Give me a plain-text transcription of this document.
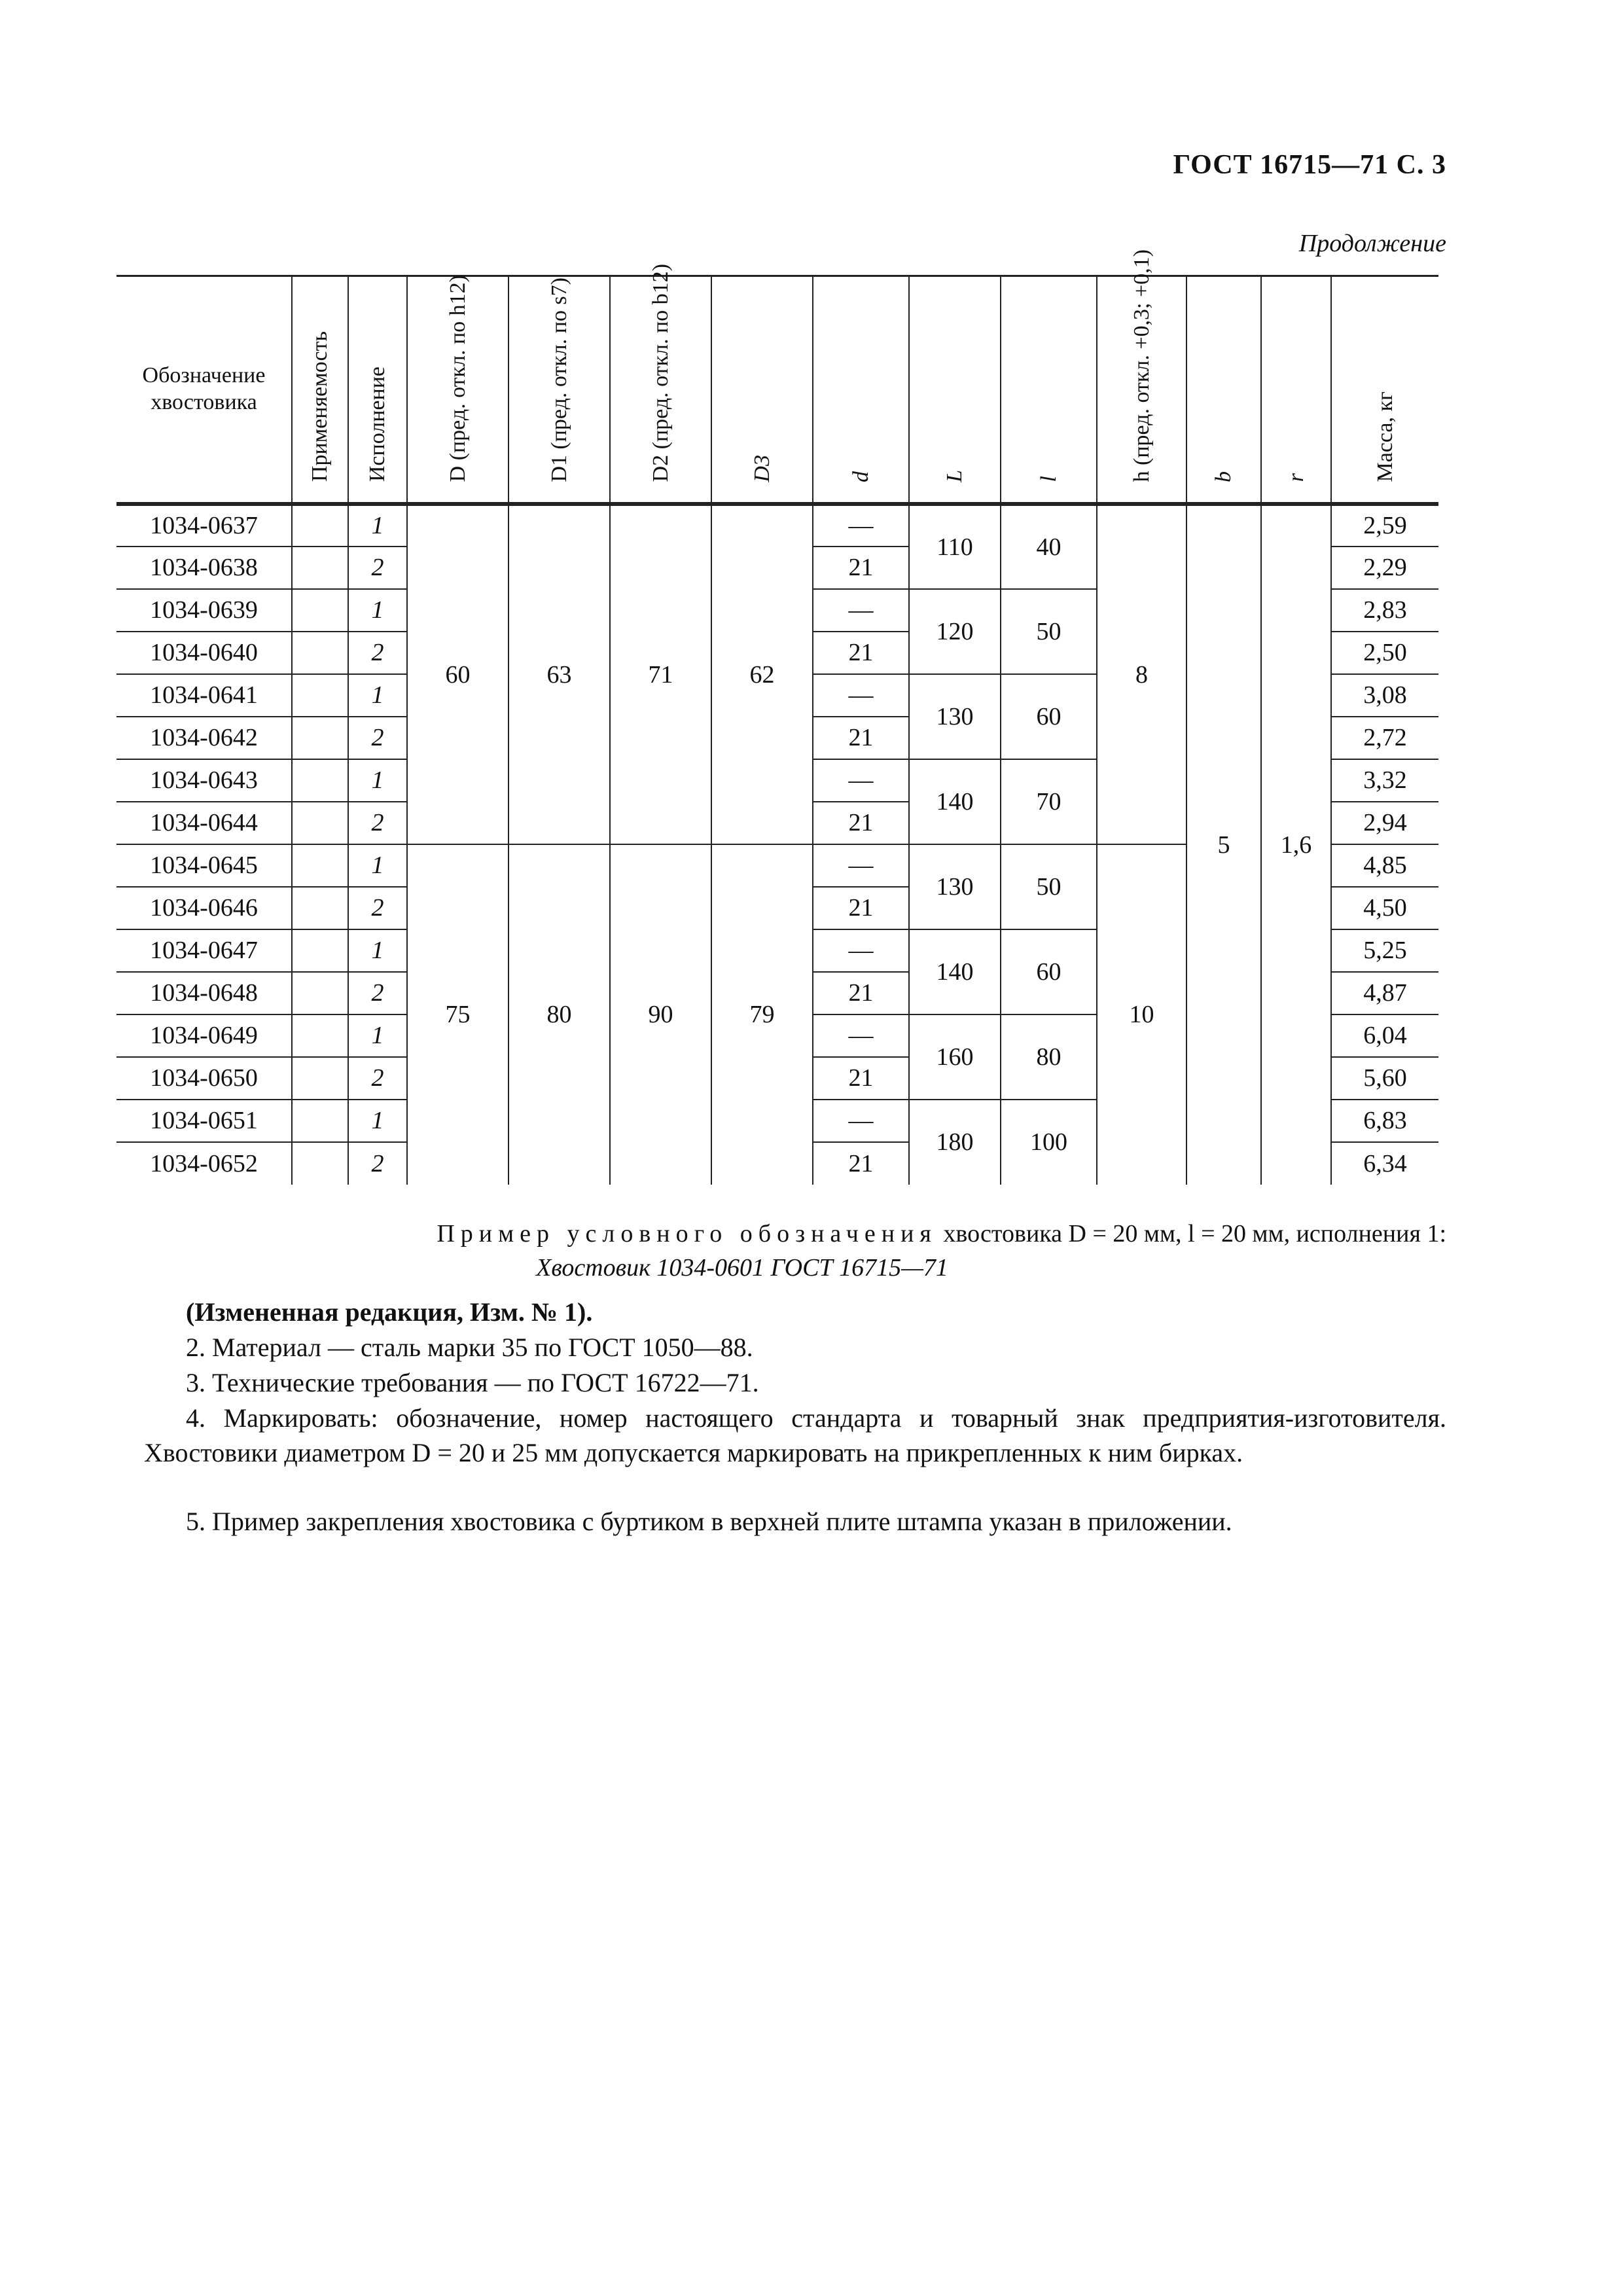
ГОСТ 16715—71 С. 3
Продолжение
Обозначение хвостовика	Применяемость	Исполнение	D (пред. откл. по h12)	D1 (пред. откл. по s7)	D2 (пред. откл. по b12)	D3	d	L	l	h (пред. откл. +0,3; +0,1)	b	r	Масса, кг

1034-0637		1	60	63	71	62	—	110	40	8	5	1,6	2,59
1034-0638		2					21						2,29
1034-0639		1					—	120	50				2,83
1034-0640		2					21						2,50
1034-0641		1					—	130	60				3,08
1034-0642		2					21						2,72
1034-0643		1					—	140	70				3,32
1034-0644		2					21						2,94
1034-0645		1	75	80	90	79	—	130	50	10			4,85
1034-0646		2					21						4,50
1034-0647		1					—	140	60				5,25
1034-0648		2					21						4,87
1034-0649		1					—	160	80				6,04
1034-0650		2					21						5,60
1034-0651		1					—	180	100				6,83
1034-0652		2					21						6,34
Пример условного обозначения хвостовика D = 20 мм, l = 20 мм, исполнения 1:
Хвостовик 1034-0601 ГОСТ 16715—71
(Измененная редакция, Изм. № 1).
2. Материал — сталь марки 35 по ГОСТ 1050—88.
3. Технические требования — по ГОСТ 16722—71.
4. Маркировать: обозначение, номер настоящего стандарта и товарный знак предприятия-изготовителя. Хвостовики диаметром D = 20 и 25 мм допускается маркировать на прикрепленных к ним бирках.
5. Пример закрепления хвостовика с буртиком в верхней плите штампа указан в приложении.
